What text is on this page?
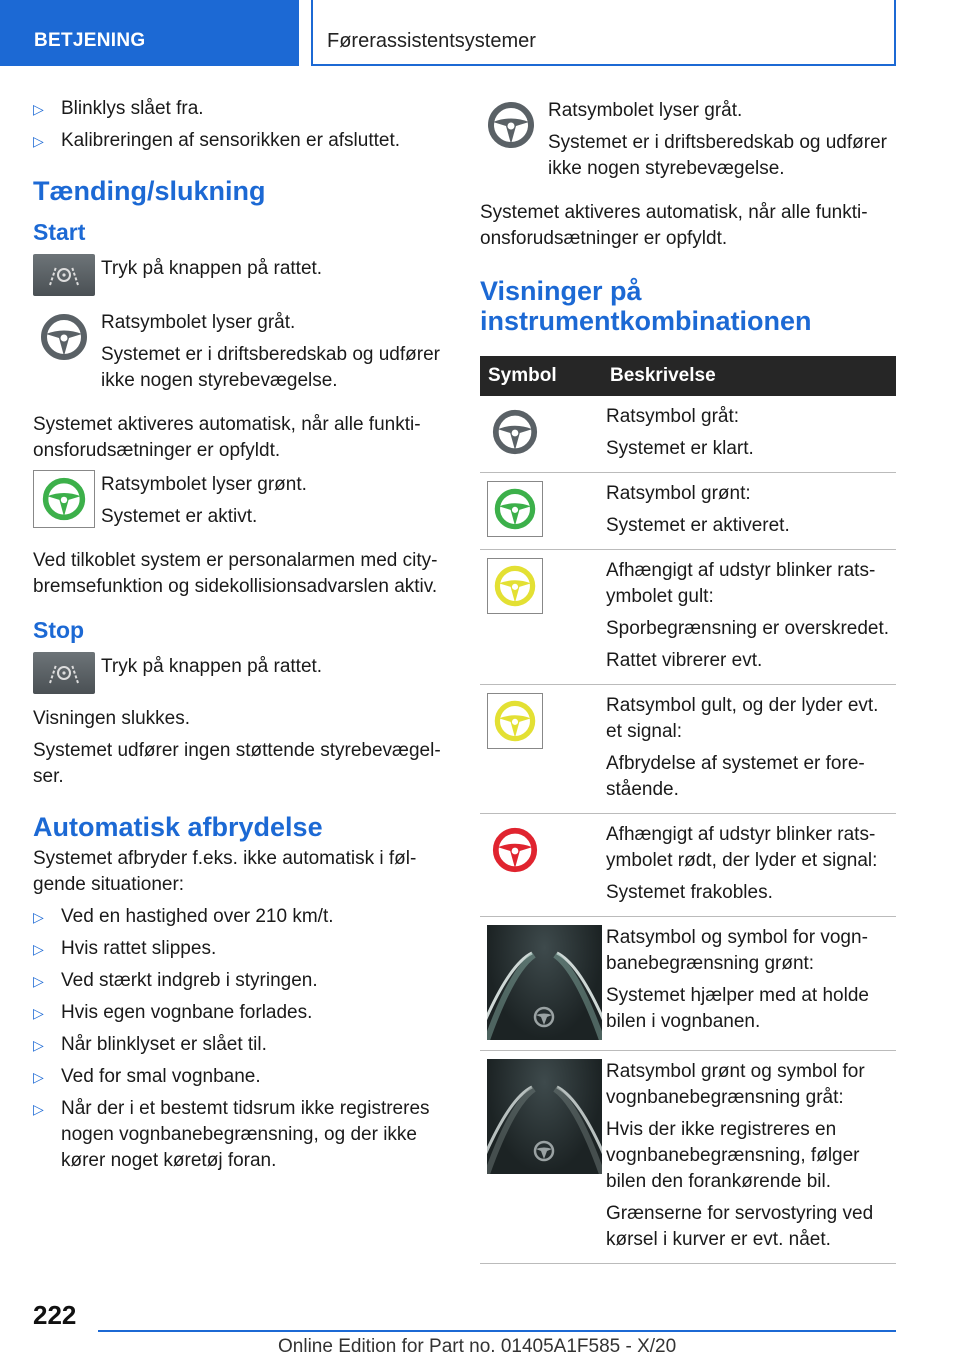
BETJENING	Førerassistentsystemer
▷ Blinklys slået fra.
▷ Kalibreringen af sensorikken er afsluttet.
Tænding/slukning
Start
Tryk på knappen på rattet.
Ratsymbolet lyser gråt.
Systemet er i driftsberedskab og udfører ikke nogen styrebevægelse.
Systemet aktiveres automatisk, når alle funktionsforudsætninger er opfyldt.
Ratsymbolet lyser grønt.
Systemet er aktivt.
Ved tilkoblet system er personalarmen med citybremsefunktion og sidekollisionsadvarslen aktiv.
Stop
Tryk på knappen på rattet.
Visningen slukkes.
Systemet udfører ingen støttende styrebevægelser.
Automatisk afbrydelse
Systemet afbryder f.eks. ikke automatisk i følgende situationer:
▷ Ved en hastighed over 210 km/t.
▷ Hvis rattet slippes.
▷ Ved stærkt indgreb i styringen.
▷ Hvis egen vognbane forlades.
▷ Når blinklyset er slået til.
▷ Ved for smal vognbane.
▷ Når der i et bestemt tidsrum ikke registreres nogen vognbanebegrænsning, og der ikke kører noget køretøj foran.
Ratsymbolet lyser gråt.
Systemet er i driftsberedskab og udfører ikke nogen styrebevægelse.
Systemet aktiveres automatisk, når alle funktionsforudsætninger er opfyldt.
Visninger på instrumentkombinationen
Symbol	Beskrivelse

Ratsymbol gråt:
Systemet er klart.

Ratsymbol grønt:
Systemet er aktiveret.

Afhængigt af udstyr blinker ratsymbolet gult:
Sporbegrænsning er overskredet.
Rattet vibrerer evt.

Ratsymbol gult, og der lyder evt. et signal:
Afbrydelse af systemet er forestående.

Afhængigt af udstyr blinker ratsymbolet rødt, der lyder et signal:
Systemet frakobles.

Ratsymbol og symbol for vognbanebegrænsning grønt:
Systemet hjælper med at holde bilen i vognbanen.

Ratsymbol grønt og symbol for vognbanebegrænsning gråt:
Hvis der ikke registreres en vognbanebegrænsning, følger bilen den forankørende bil.
Grænserne for servostyring ved kørsel i kurver er evt. nået.
222
Online Edition for Part no. 01405A1F585 - X/20
